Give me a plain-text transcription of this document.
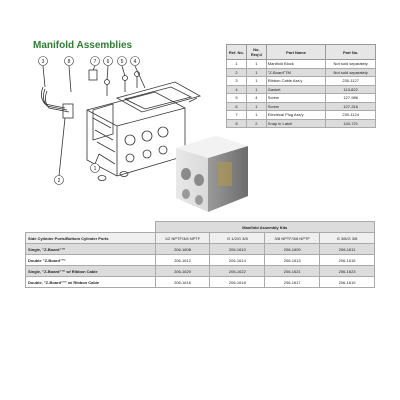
Manifold Assemblies
3	8	7 6 5 4
2
1
Ref. No.	No. Req'd	Part Name	Part No.
1	1	Manifold Block	Not sold separately
2	1	"Z-Board"TM	Not sold separately
3	1	Ribbon Cable Ass'y	230-1127
4	1	Gasket	113-822
5	4	Screw	127-986
6	1	Screw	127-316
7	1	Electrical Plug Ass'y	230-1124
8	2	Snap in Latch	140-721
	Manifold Assembly Kits			
Side Cylinder Ports/Bottom Cylinder Ports	1/2 NPTF/3/8 NPTF	G 1/2/G 3/8	3/8 NPTF/3/8 NPTF	G 3/8/G 3/8
Single, "Z-Board"™	206-1608	206-1610	206-1609	206-1611
Double "Z-Board"™	206-1612	206-1614	206-1613	206-1615
Single, "Z-Board"™ w/ Ribbon Cable	206-1620	206-1622	206-1621	206-1623
Double, "Z-Board"™ w/ Ribbon Cable	206-1616	206-1618	206-1617	206-1619
